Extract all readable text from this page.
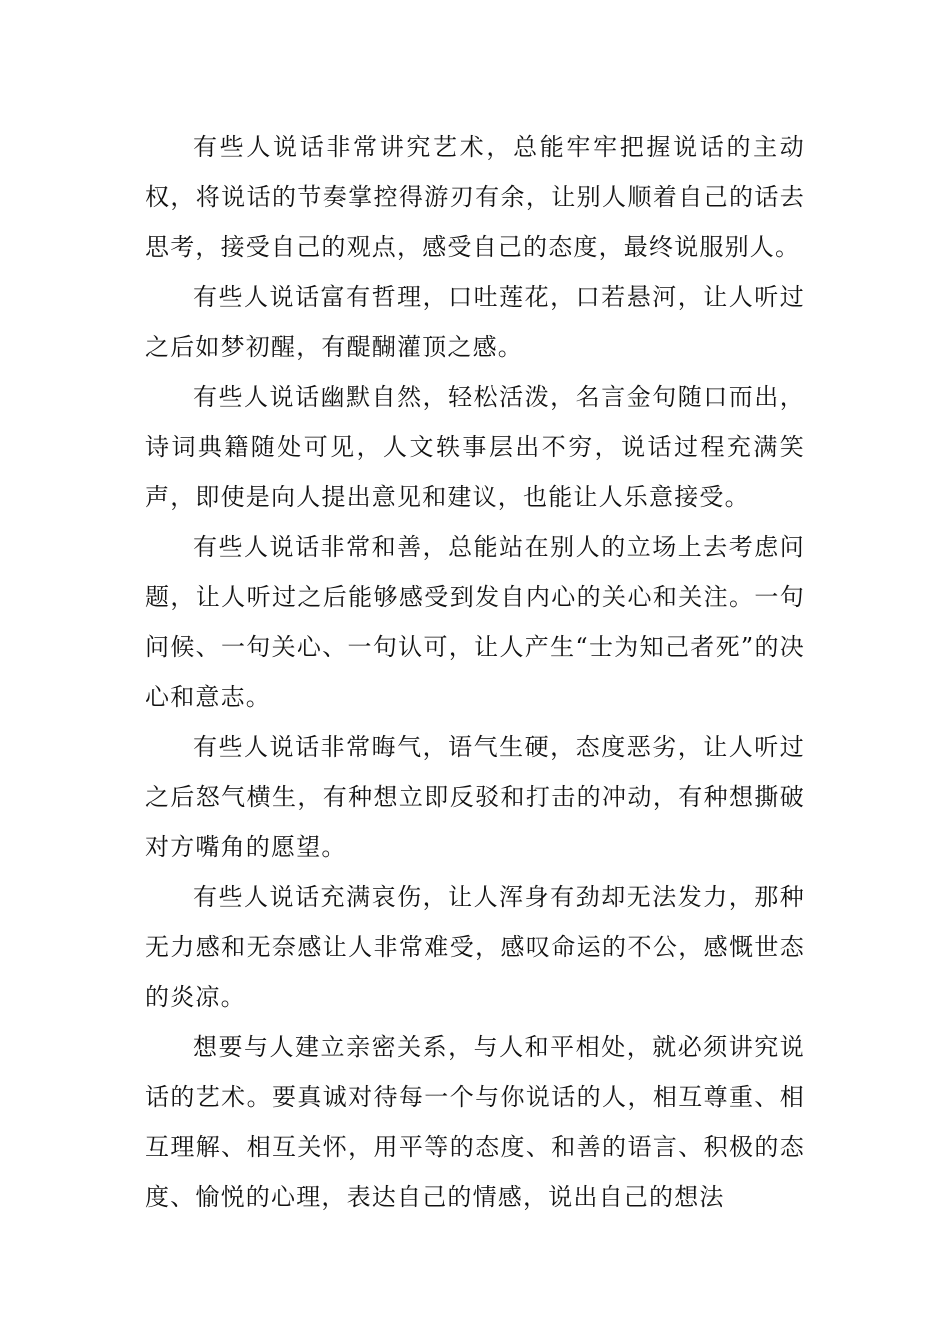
有些人说话非常讲究艺术，总能牢牢把握说话的主动权，将说话的节奏掌控得游刃有余，让别人顺着自己的话去思考，接受自己的观点，感受自己的态度，最终说服别人。

有些人说话富有哲理，口吐莲花，口若悬河，让人听过之后如梦初醒，有醍醐灌顶之感。

有些人说话幽默自然，轻松活泼，名言金句随口而出，诗词典籍随处可见，人文轶事层出不穷，说话过程充满笑声，即使是向人提出意见和建议，也能让人乐意接受。

有些人说话非常和善，总能站在别人的立场上去考虑问题，让人听过之后能够感受到发自内心的关心和关注。一句问候、一句关心、一句认可，让人产生“士为知己者死”的决心和意志。

有些人说话非常晦气，语气生硬，态度恶劣，让人听过之后怒气横生，有种想立即反驳和打击的冲动，有种想撕破对方嘴角的愿望。

有些人说话充满哀伤，让人浑身有劲却无法发力，那种无力感和无奈感让人非常难受，感叹命运的不公，感慨世态的炎凉。

想要与人建立亲密关系，与人和平相处，就必须讲究说话的艺术。要真诚对待每一个与你说话的人，相互尊重、相互理解、相互关怀，用平等的态度、和善的语言、积极的态度、愉悦的心理，表达自己的情感，说出自己的想法
